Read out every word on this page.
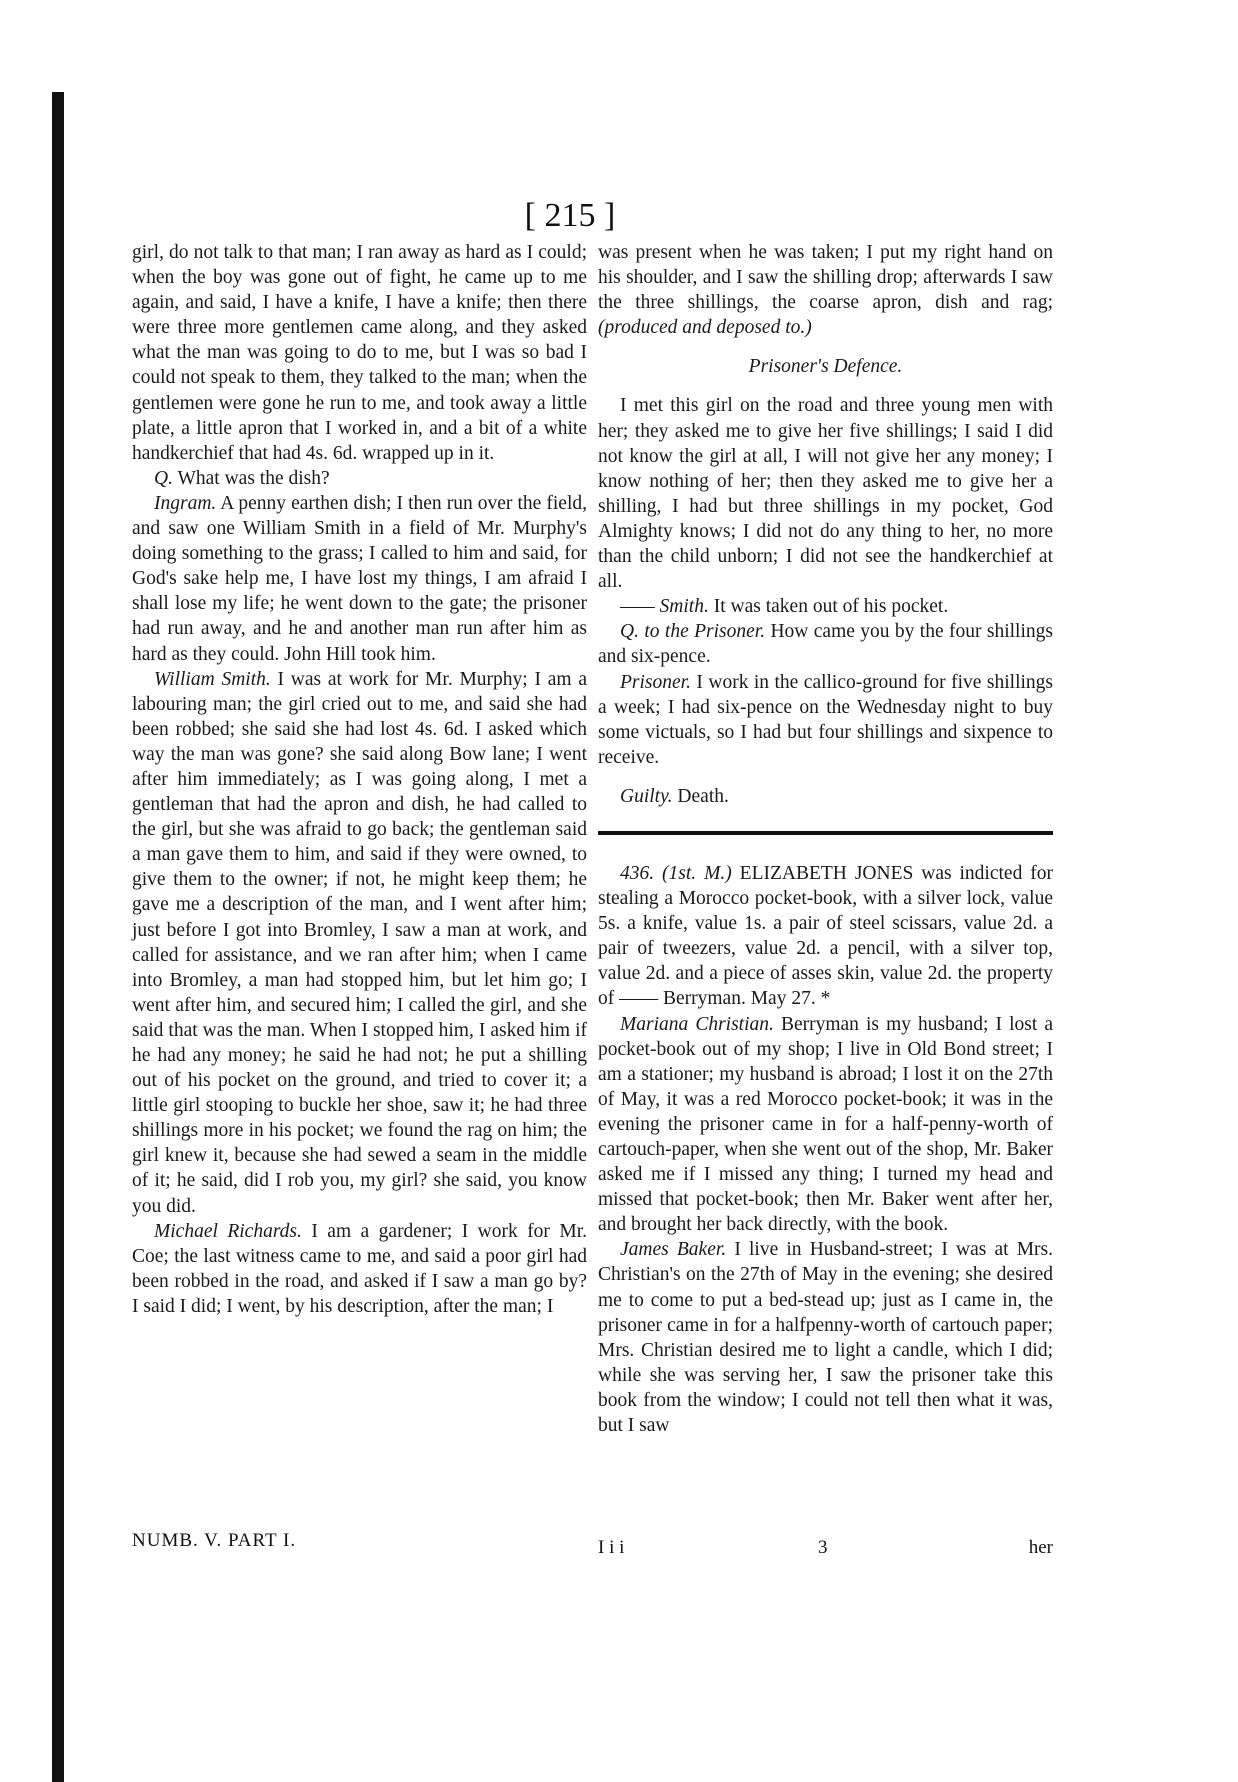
[ 215 ]

girl, do not talk to that man; I ran away as hard as I could; when the boy was gone out of fight, he came up to me again, and said, I have a knife, I have a knife; then there were three more gentlemen came along, and they asked what the man was going to do to me, but I was so bad I could not speak to them, they talked to the man; when the gentlemen were gone he run to me, and took away a little plate, a little apron that I worked in, and a bit of a white handkerchief that had 4s. 6d. wrapped up in it.

Q. What was the dish?

Ingram. A penny earthen dish; I then run over the field, and saw one William Smith in a field of Mr. Murphy's doing something to the grass; I called to him and said, for God's sake help me, I have lost my things, I am afraid I shall lose my life; he went down to the gate; the prisoner had run away, and he and another man run after him as hard as they could. John Hill took him.

William Smith. I was at work for Mr. Murphy; I am a labouring man; the girl cried out to me, and said she had been robbed; she said she had lost 4s. 6d. I asked which way the man was gone? she said along Bow lane; I went after him immediately; as I was going along, I met a gentleman that had the apron and dish, he had called to the girl, but she was afraid to go back; the gentleman said a man gave them to him, and said if they were owned, to give them to the owner; if not, he might keep them; he gave me a description of the man, and I went after him; just before I got into Bromley, I saw a man at work, and called for assistance, and we ran after him; when I came into Bromley, a man had stopped him, but let him go; I went after him, and secured him; I called the girl, and she said that was the man. When I stopped him, I asked him if he had any money; he said he had not; he put a shilling out of his pocket on the ground, and tried to cover it; a little girl stooping to buckle her shoe, saw it; he had three shillings more in his pocket; we found the rag on him; the girl knew it, because she had sewed a seam in the middle of it; he said, did I rob you, my girl? she said, you know you did.

Michael Richards. I am a gardener; I work for Mr. Coe; the last witness came to me, and said a poor girl had been robbed in the road, and asked if I saw a man go by? I said I did; I went, by his description, after the man; I

was present when he was taken; I put my right hand on his shoulder, and I saw the shilling drop; afterwards I saw the three shillings, the coarse apron, dish and rag; (produced and deposed to.)

Prisoner's Defence.

I met this girl on the road and three young men with her; they asked me to give her five shillings; I said I did not know the girl at all, I will not give her any money; I know nothing of her; then they asked me to give her a shilling, I had but three shillings in my pocket, God Almighty knows; I did not do any thing to her, no more than the child unborn; I did not see the handkerchief at all.

—— Smith. It was taken out of his pocket.

Q. to the Prisoner. How came you by the four shillings and six-pence.

Prisoner. I work in the callico-ground for five shillings a week; I had six-pence on the Wednesday night to buy some victuals, so I had but four shillings and sixpence to receive.

Guilty. Death.

436. (1st. M.) ELIZABETH JONES was indicted for stealing a Morocco pocket-book, with a silver lock, value 5s. a knife, value 1s. a pair of steel scissars, value 2d. a pair of tweezers, value 2d. a pencil, with a silver top, value 2d. and a piece of asses skin, value 2d. the property of —— Berryman. May 27. *

Mariana Christian. Berryman is my husband; I lost a pocket-book out of my shop; I live in Old Bond street; I am a stationer; my husband is abroad; I lost it on the 27th of May, it was a red Morocco pocket-book; it was in the evening the prisoner came in for a half-penny-worth of cartouch-paper, when she went out of the shop, Mr. Baker asked me if I missed any thing; I turned my head and missed that pocket-book; then Mr. Baker went after her, and brought her back directly, with the book.

James Baker. I live in Husband-street; I was at Mrs. Christian's on the 27th of May in the evening; she desired me to come to put a bed-stead up; just as I came in, the prisoner came in for a halfpenny-worth of cartouch paper; Mrs. Christian desired me to light a candle, which I did; while she was serving her, I saw the prisoner take this book from the window; I could not tell then what it was, but I saw

NUMB. V. PART I.	I i i	3	her
